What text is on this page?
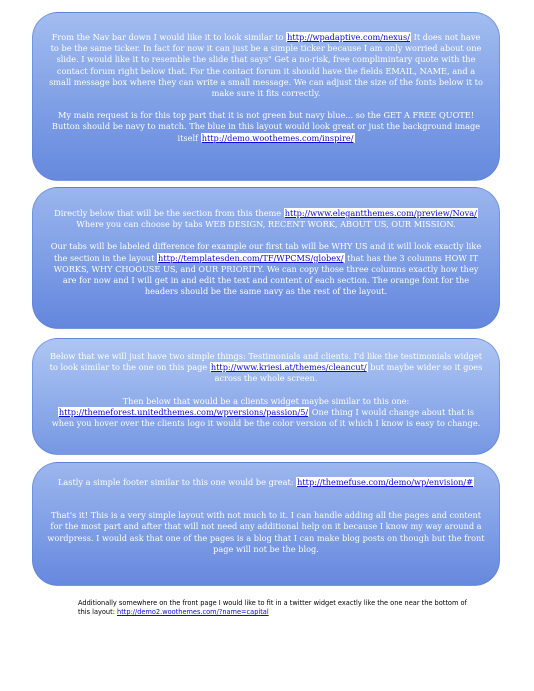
From the Nav bar down I would like it to look similar to http://wpadaptive.com/nexus/ It does not have to be the same ticker. In fact for now it can just be a simple ticker because I am only worried about one slide. I would like it to resemble the slide that says" Get a no-risk, free complimintary quote with the contact forum right below that. For the contact forum it should have the fields EMAIL, NAME, and a small message box where they can write a small message. We can adjust the size of the fonts below it to make sure it fits correctly.

My main request is for this top part that it is not green but navy blue... so the GET A FREE QUOTE! Button should be navy to match. The blue in this layout would look great or just the background image itself http://demo.woothemes.com/inspire/

Directly below that will be the section from this theme http://www.elegantthemes.com/preview/Nova/ Where you can choose by tabs WEB DESIGN, RECENT WORK, ABOUT US, OUR MISSION.

Our tabs will be labeled difference for example our first tab will be WHY US and it will look exactly like the section in the layout http://templatesden.com/TF/WPCMS/globex/ that has the 3 columns HOW IT WORKS, WHY CHOOUSE US, and OUR PRIORITY. We can copy those three columns exactly how they are for now and I will get in and edit the text and content of each section. The orange font for the headers should be the same navy as the rest of the layout.

Below that we will just have two simple things: Testimonials and clients. I'd like the testimonials widget to look similar to the one on this page http://www.kriesi.at/themes/cleancut/ but maybe wider so it goes across the whole screen.

Then below that would be a clients widget maybe similar to this one: http://themeforest.unitedthemes.com/wpversions/passion/5/ One thing I would change about that is when you hover over the clients logo it would be the color version of it which I know is easy to change.

Lastly a simple footer similar to this one would be great: http://themefuse.com/demo/wp/envision/#

That's it! This is a very simple layout with not much to it. I can handle adding all the pages and content for the most part and after that will not need any additional help on it because I know my way around a wordpress. I would ask that one of the pages is a blog that I can make blog posts on though but the front page will not be the blog.

Additionally somewhere on the front page I would like to fit in a twitter widget exactly like the one near the bottom of this layout: http://demo2.woothemes.com/?name=capital
